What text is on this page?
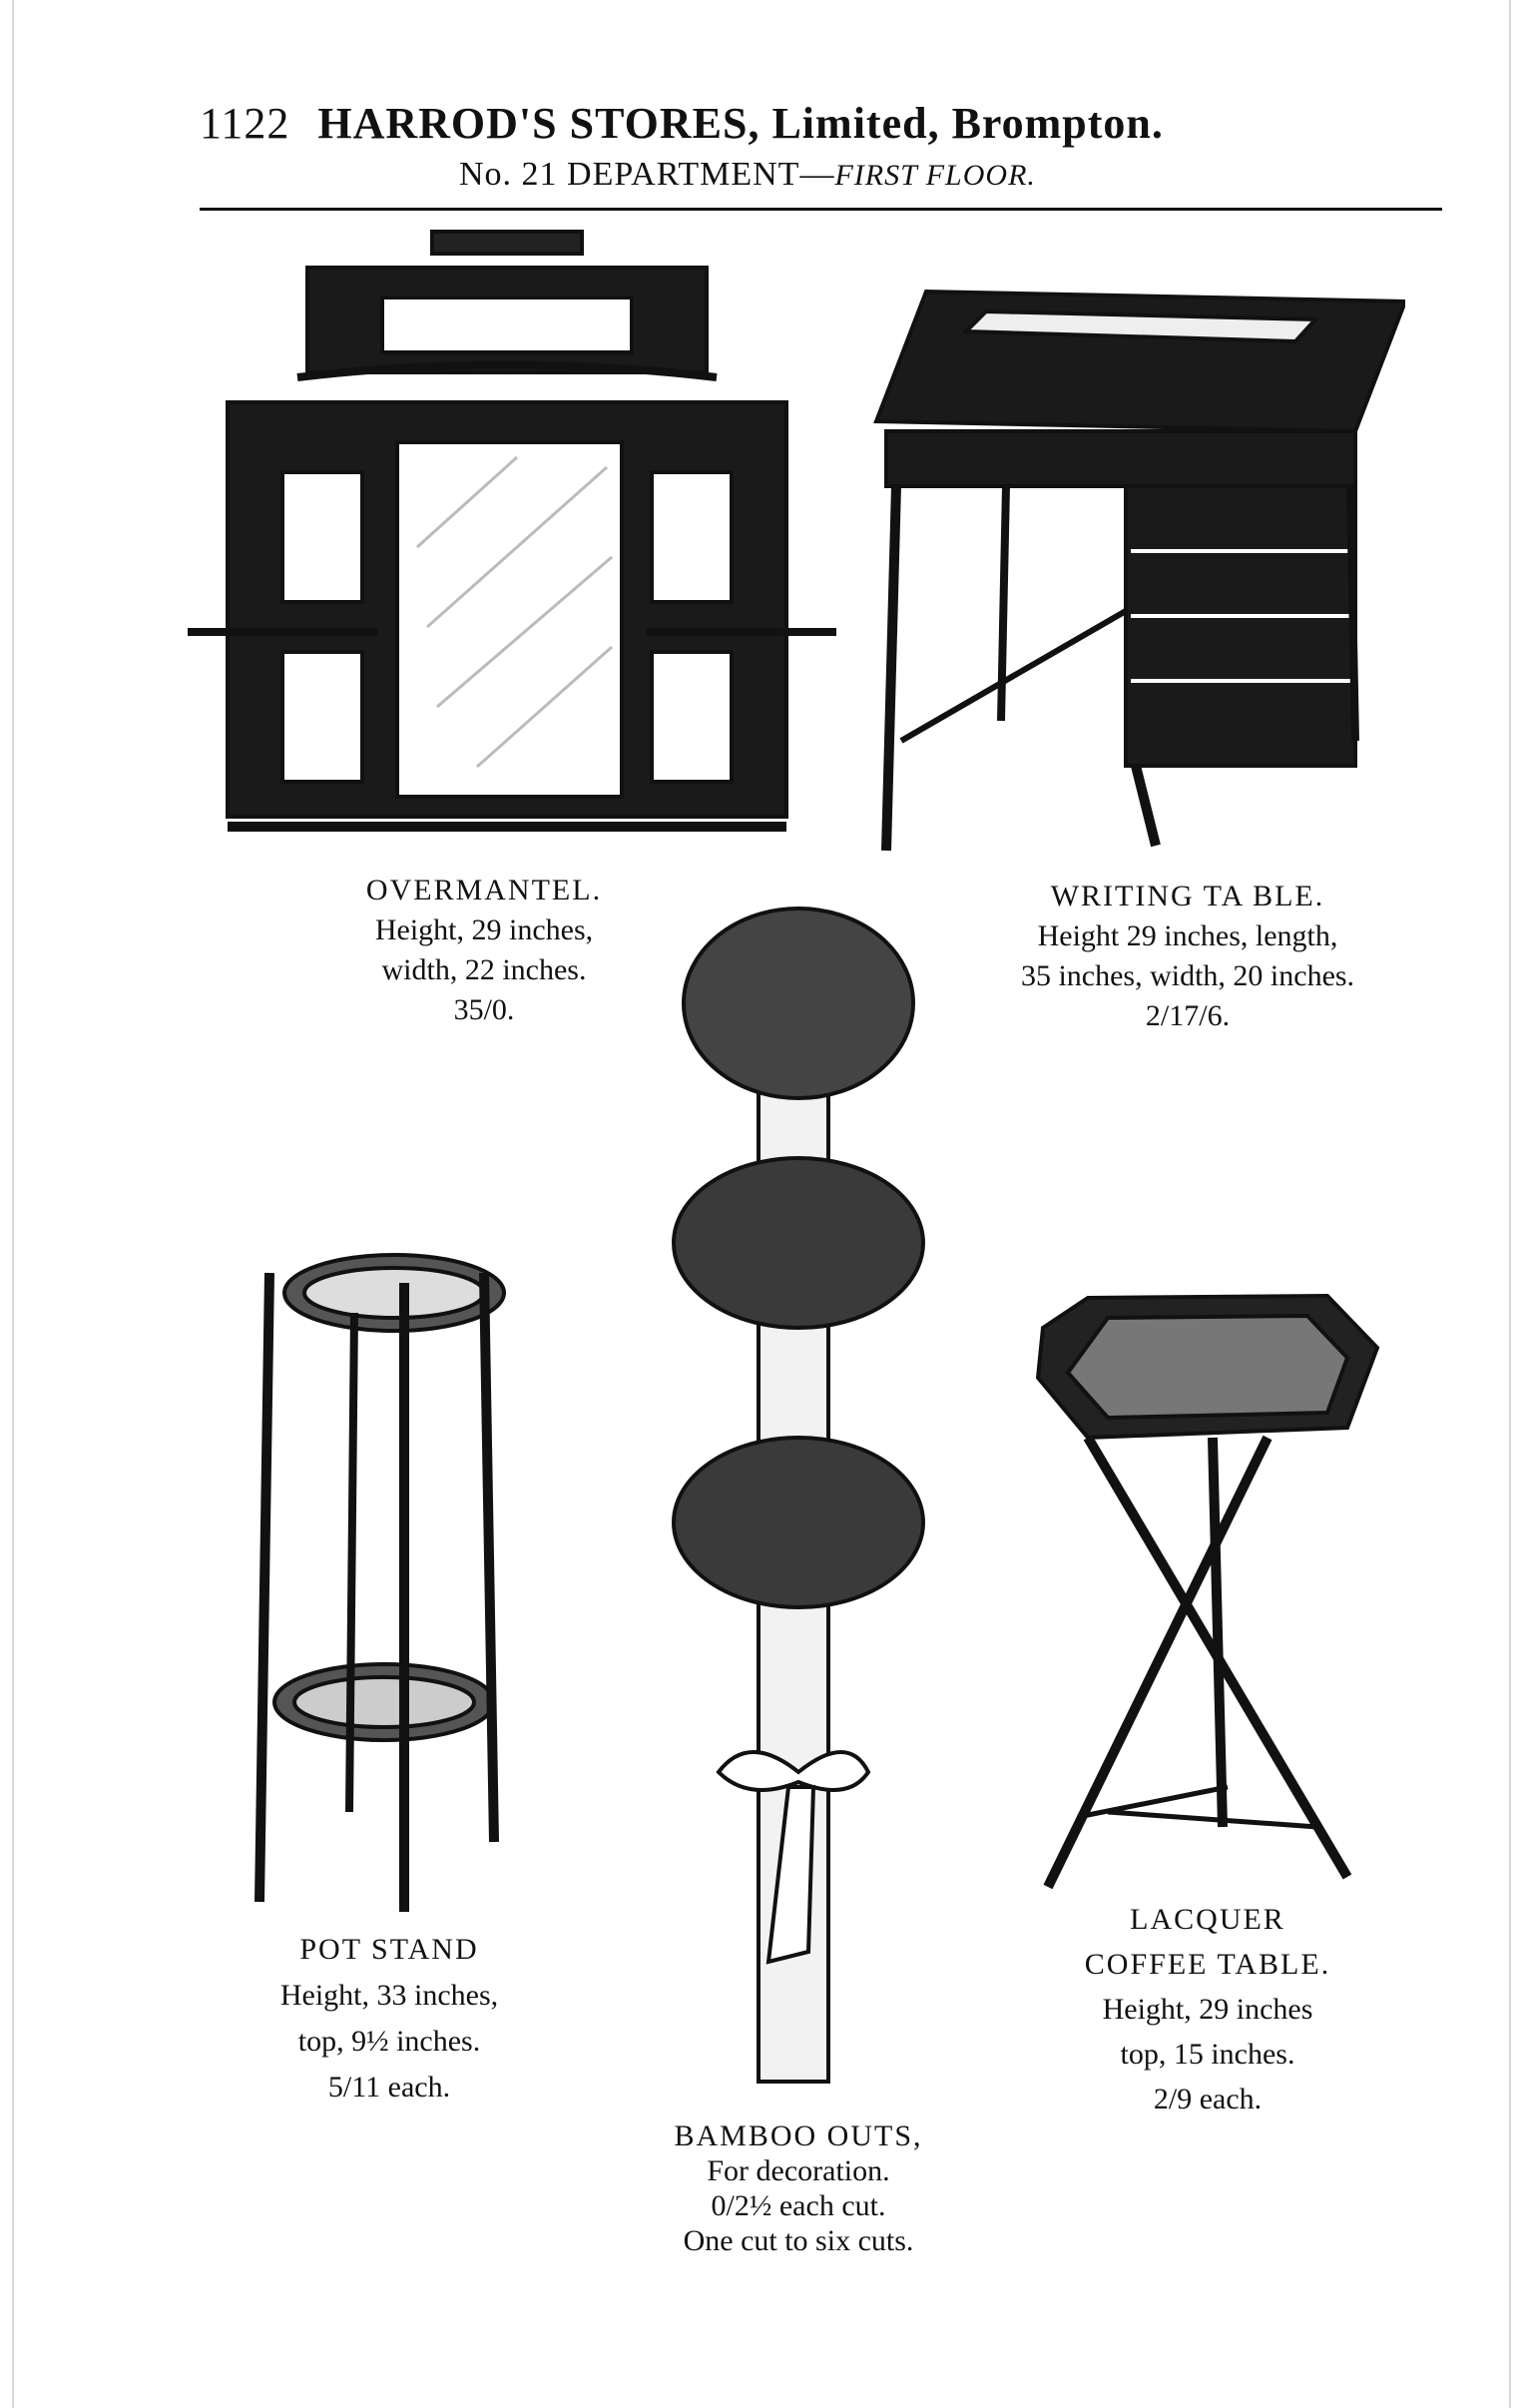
1122 HARROD'S STORES, Limited, Brompton.
No. 21 DEPARTMENT—FIRST FLOOR.
OVERMANTEL.
Height, 29 inches,
width, 22 inches.
35/0.
WRITING TA BLE.
Height 29 inches, length,
35 inches, width, 20 inches.
2/17/6.
POT STAND
Height, 33 inches,
top, 9½ inches.
5/11 each.
LACQUER
COFFEE TABLE.
Height, 29 inches
top, 15 inches.
2/9 each.
BAMBOO OUTS,
For decoration.
0/2½ each cut.
One cut to six cuts.
